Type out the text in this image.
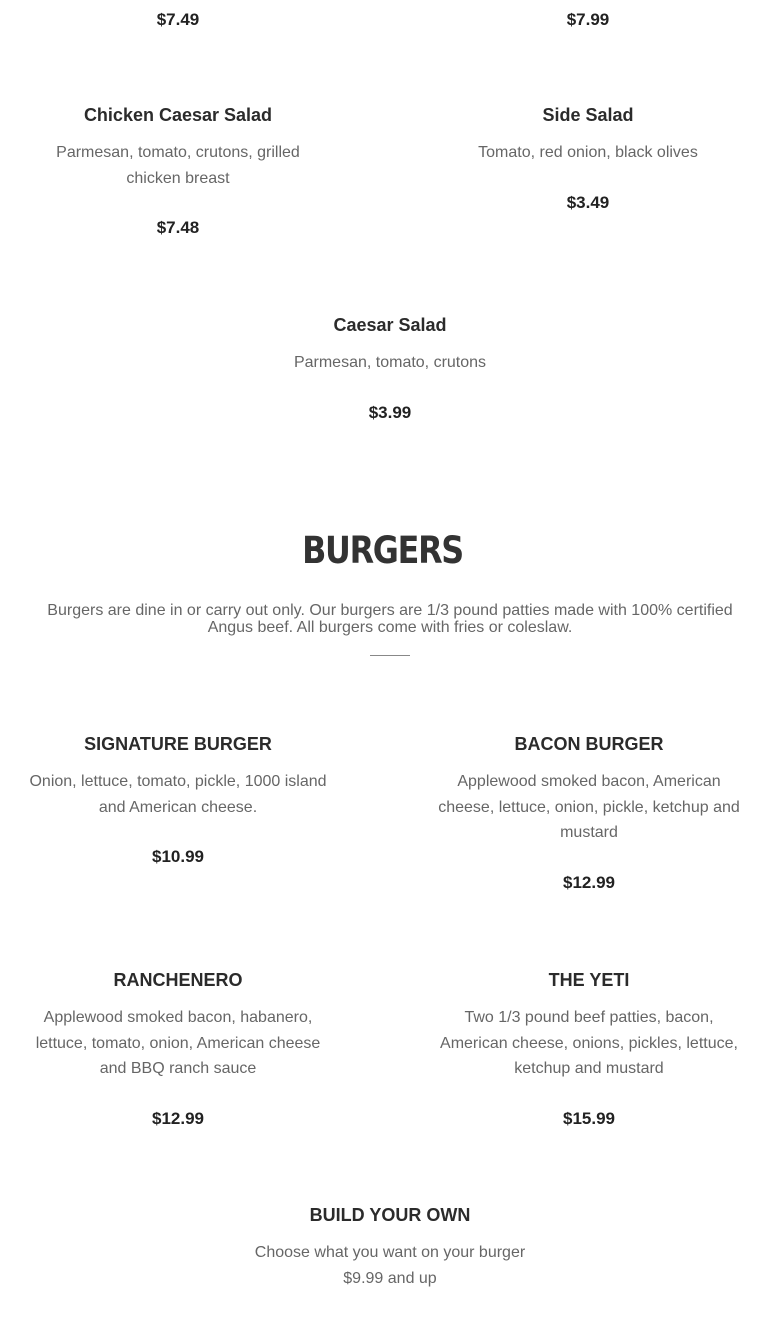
$7.49	$7.99
Chicken Caesar Salad
Parmesan, tomato, crutons, grilled chicken breast
$7.48
Side Salad
Tomato, red onion, black olives
$3.49
Caesar Salad
Parmesan, tomato, crutons
$3.99
BURGERS

Burgers are dine in or carry out only. Our burgers are 1/3 pound patties made with 100% certified Angus beef. All burgers come with fries or coleslaw.

SIGNATURE BURGER
Onion, lettuce, tomato, pickle, 1000 island and American cheese.
$10.99
BACON BURGER
Applewood smoked bacon, American cheese, lettuce, onion, pickle, ketchup and mustard
$12.99
RANCHENERO
Applewood smoked bacon, habanero, lettuce, tomato, onion, American cheese and BBQ ranch sauce
$12.99
THE YETI
Two 1/3 pound beef patties, bacon, American cheese, onions, pickles, lettuce, ketchup and mustard
$15.99
BUILD YOUR OWN
Choose what you want on your burger
$9.99 and up
